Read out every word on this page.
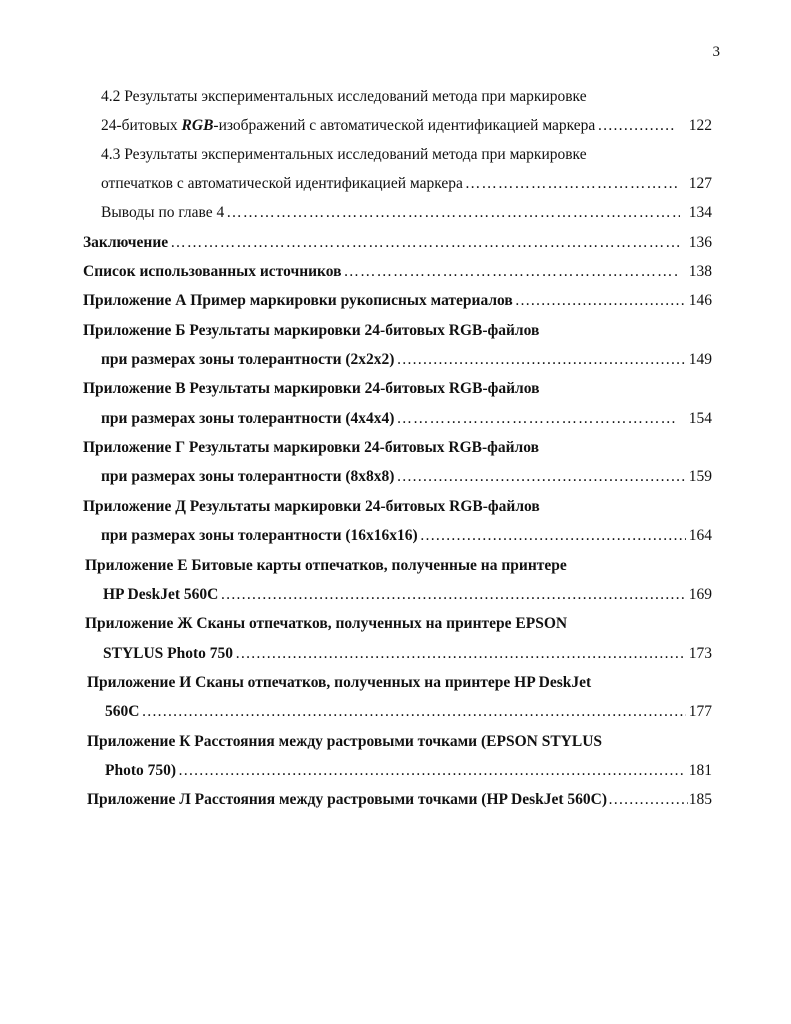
3
4.2 Результаты экспериментальных исследований метода при маркировке
24-битовых RGB-изображений с автоматической идентификацией маркера ………………………………………………………………………………………………………………………………………………………………………………………………………………	122
4.3 Результаты экспериментальных исследований метода при маркировке
отпечатков с автоматической идентификацией маркера ………………………………………………………………………………………………………………………………………………………………………………………………………………	127
Выводы по главе 4 ………………………………………………………………………………………………………………………………………………………………………………………………………………	134
Заключение ………………………………………………………………………………………………………………………………………………………………………………………………………………	136
Список использованных источников ………………………………………………………………………………………………………………………………………………………………………………………………………………	138
Приложение А Пример маркировки рукописных материалов ………………………………………………………………………………………………………………………………………………………………………………………………………………	146
Приложение Б Результаты маркировки 24-битовых RGB-файлов
при размерах зоны толерантности (2x2x2) ………………………………………………………………………………………………………………………………………………………………………………………………………………	149
Приложение В Результаты маркировки 24-битовых RGB-файлов
при размерах зоны толерантности (4x4x4) ………………………………………………………………………………………………………………………………………………………………………………………………………………	154
Приложение Г Результаты маркировки 24-битовых RGB-файлов
при размерах зоны толерантности (8x8x8) ………………………………………………………………………………………………………………………………………………………………………………………………………………	159
Приложение Д Результаты маркировки 24-битовых RGB-файлов
при размерах зоны толерантности (16x16x16) ………………………………………………………………………………………………………………………………………………………………………………………………………………	164
Приложение Е Битовые карты отпечатков, полученные на принтере
HP DeskJet 560C ………………………………………………………………………………………………………………………………………………………………………………………………………………	169
Приложение Ж Сканы отпечатков, полученных на принтере EPSON
STYLUS Photo 750 ………………………………………………………………………………………………………………………………………………………………………………………………………………	173
Приложение И Сканы отпечатков, полученных на принтере HP DeskJet
560C ………………………………………………………………………………………………………………………………………………………………………………………………………………	177
Приложение К Расстояния между растровыми точками (EPSON STYLUS
Photo 750) ………………………………………………………………………………………………………………………………………………………………………………………………………………	181
Приложение Л Расстояния между растровыми точками (HP DeskJet 560C) ………………………………………………………………………………………………………………………………………………………………………………………………………………	185
